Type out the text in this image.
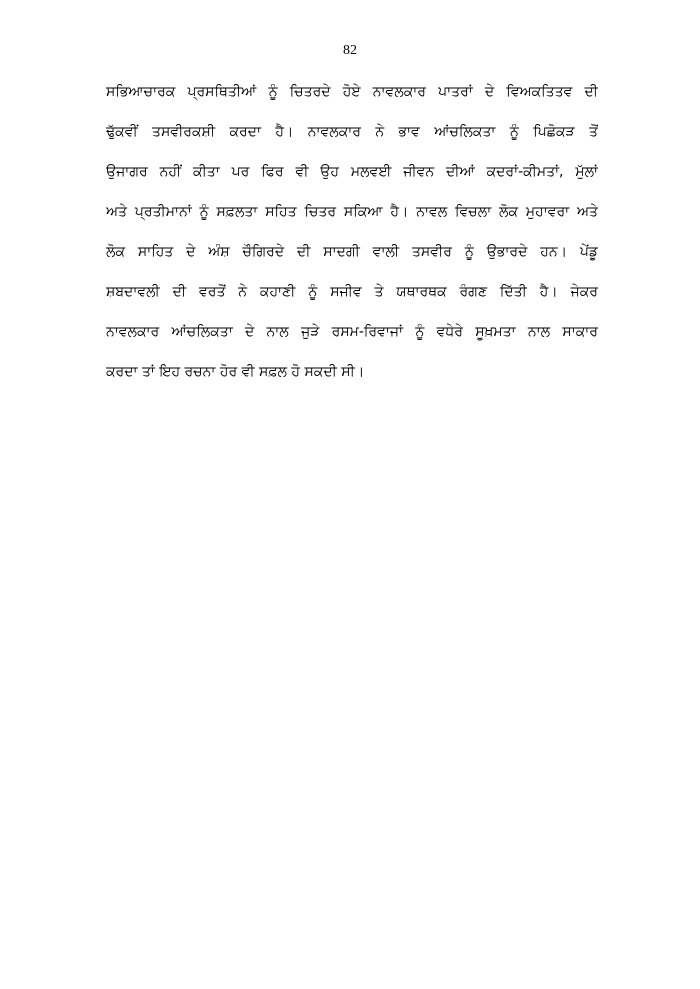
82
ਸਭਿਆਚਾਰਕ ਪ੍ਰਸਥਿਤੀਆਂ ਨੂੰ ਚਿਤਰਦੇ ਹੋਏ ਨਾਵਲਕਾਰ ਪਾਤਰਾਂ ਦੇ ਵਿਅਕਤਿਤਵ ਦੀ
ਢੁੱਕਵੀਂ ਤਸਵੀਰਕਸ਼ੀ ਕਰਦਾ ਹੈ। ਨਾਵਲਕਾਰ ਨੇ ਭਾਵ ਆਂਚਲਿਕਤਾ ਨੂੰ ਪਿਛੋਕੜ ਤੋਂ
ਉਜਾਗਰ ਨਹੀਂ ਕੀਤਾ ਪਰ ਫਿਰ ਵੀ ਉਹ ਮਲਵਈ ਜੀਵਨ ਦੀਆਂ ਕਦਰਾਂ-ਕੀਮਤਾਂ, ਮੁੱਲਾਂ
ਅਤੇ ਪ੍ਰਤੀਮਾਨਾਂ ਨੂੰ ਸਫ਼ਲਤਾ ਸਹਿਤ ਚਿਤਰ ਸਕਿਆ ਹੈ। ਨਾਵਲ ਵਿਚਲਾ ਲੋਕ ਮੁਹਾਵਰਾ ਅਤੇ
ਲੋਕ ਸਾਹਿਤ ਦੇ ਅੰਸ਼ ਚੌਗਿਰਦੇ ਦੀ ਸਾਦਗੀ ਵਾਲੀ ਤਸਵੀਰ ਨੂੰ ਉਭਾਰਦੇ ਹਨ। ਪੇਂਡੂ
ਸ਼ਬਦਾਵਲੀ ਦੀ ਵਰਤੋਂ ਨੇ ਕਹਾਣੀ ਨੂੰ ਸਜੀਵ ਤੇ ਯਥਾਰਥਕ ਰੰਗਣ ਦਿੱਤੀ ਹੈ। ਜੇਕਰ
ਨਾਵਲਕਾਰ ਆਂਚਲਿਕਤਾ ਦੇ ਨਾਲ ਜੁੜੇ ਰਸਮ-ਰਿਵਾਜਾਂ ਨੂੰ ਵਧੇਰੇ ਸੂਖ਼ਮਤਾ ਨਾਲ ਸਾਕਾਰ
ਕਰਦਾ ਤਾਂ ਇਹ ਰਚਨਾ ਹੋਰ ਵੀ ਸਫ਼ਲ ਹੋ ਸਕਦੀ ਸੀ।
